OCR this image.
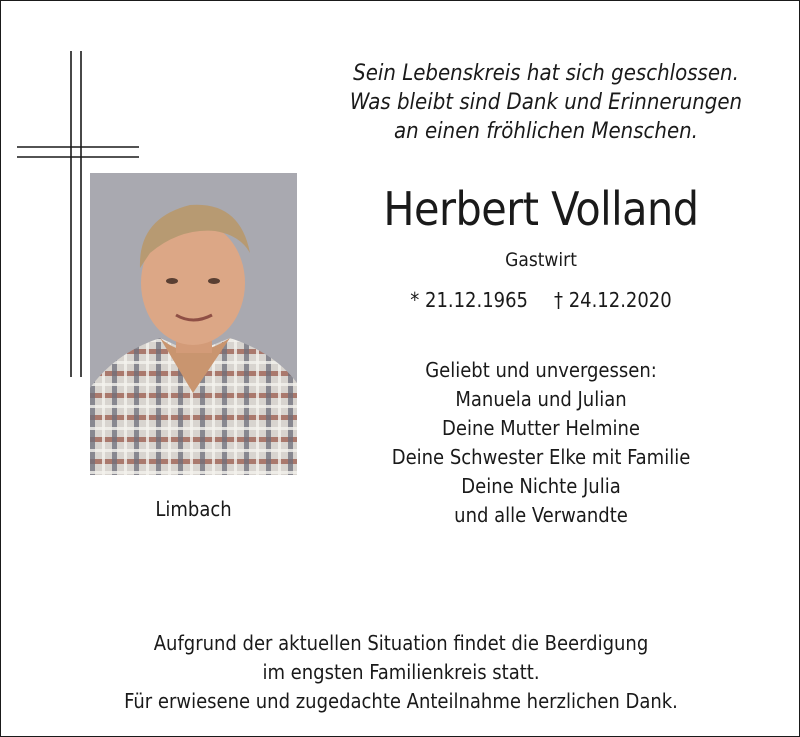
Limbach
Sein Lebenskreis hat sich geschlossen.
Was bleibt sind Dank und Erinnerungen
an einen fröhlichen Menschen.
Herbert Volland
Gastwirt
* 21.12.1965 † 24.12.2020
Geliebt und unvergessen:
Manuela und Julian
Deine Mutter Helmine
Deine Schwester Elke mit Familie
Deine Nichte Julia
und alle Verwandte
Aufgrund der aktuellen Situation findet die Beerdigung
im engsten Familienkreis statt.
Für erwiesene und zugedachte Anteilnahme herzlichen Dank.
